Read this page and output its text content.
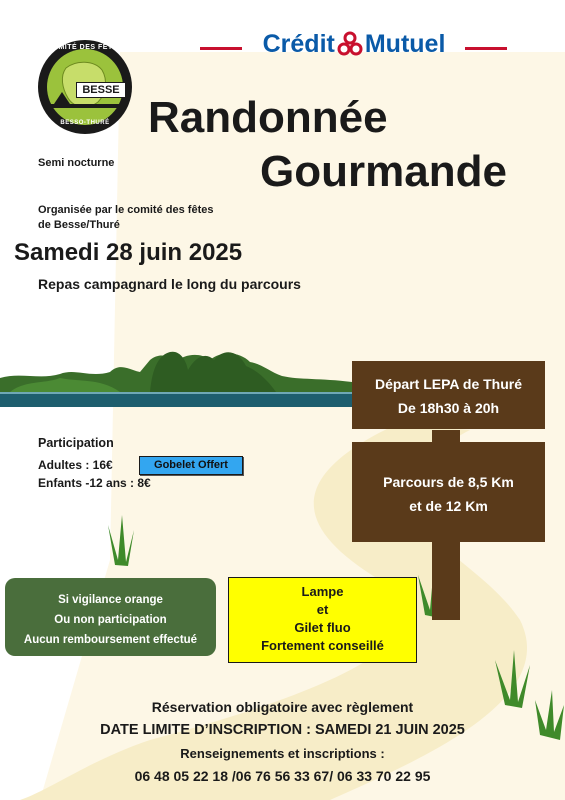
Crédit Mutuel
COMITÉ DES FÊTES
BESSE
BESSO-THURÉ Randonnée
Gourmande
Semi nocturne
Organisée par le comité des fêtes
de Besse/Thuré
Samedi 28 juin 2025
Repas campagnard le long du parcours
Participation
Adultes : 16€
Enfants -12 ans : 8€
Gobelet Offert
Départ LEPA de Thuré
De 18h30 à 20h
Parcours de 8,5 Km
et de 12 Km
Si vigilance orange
Ou non participation
Aucun remboursement effectué
Lampe
et
Gilet fluo
Fortement conseillé
Réservation obligatoire avec règlement
DATE LIMITE D’INSCRIPTION : SAMEDI 21 JUIN 2025
Renseignements et inscriptions :
06 48 05 22 18 /06 76 56 33 67/ 06 33 70 22 95
